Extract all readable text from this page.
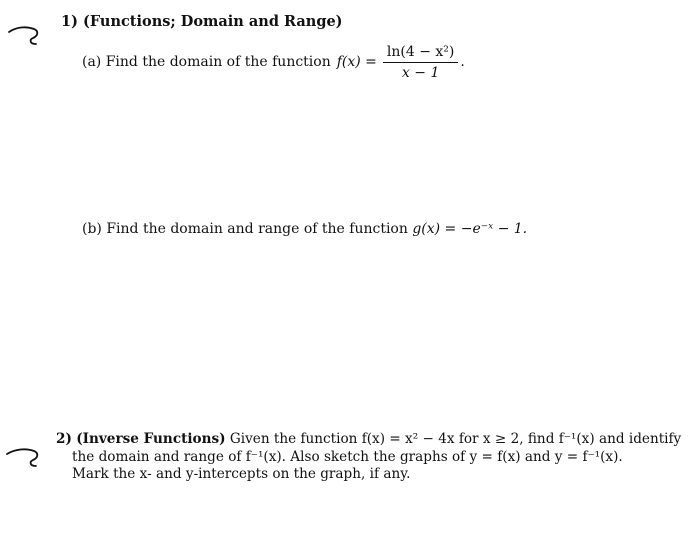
1) (Functions; Domain and Range)
(a) Find the domain of the function $f(x) = \frac{\text{ln(4 − x²)}}{x - 1}$ .
(b) Find the domain and range of the function g(x) = −e⁻ˣ − 1.
2) (Inverse Functions) Given the function f(x) = x² − 4x for x ≥ 2, find f⁻¹(x) and identify
the domain and range of f⁻¹(x). Also sketch the graphs of y = f(x) and y = f⁻¹(x).
Mark the x- and y-intercepts on the graph, if any.
